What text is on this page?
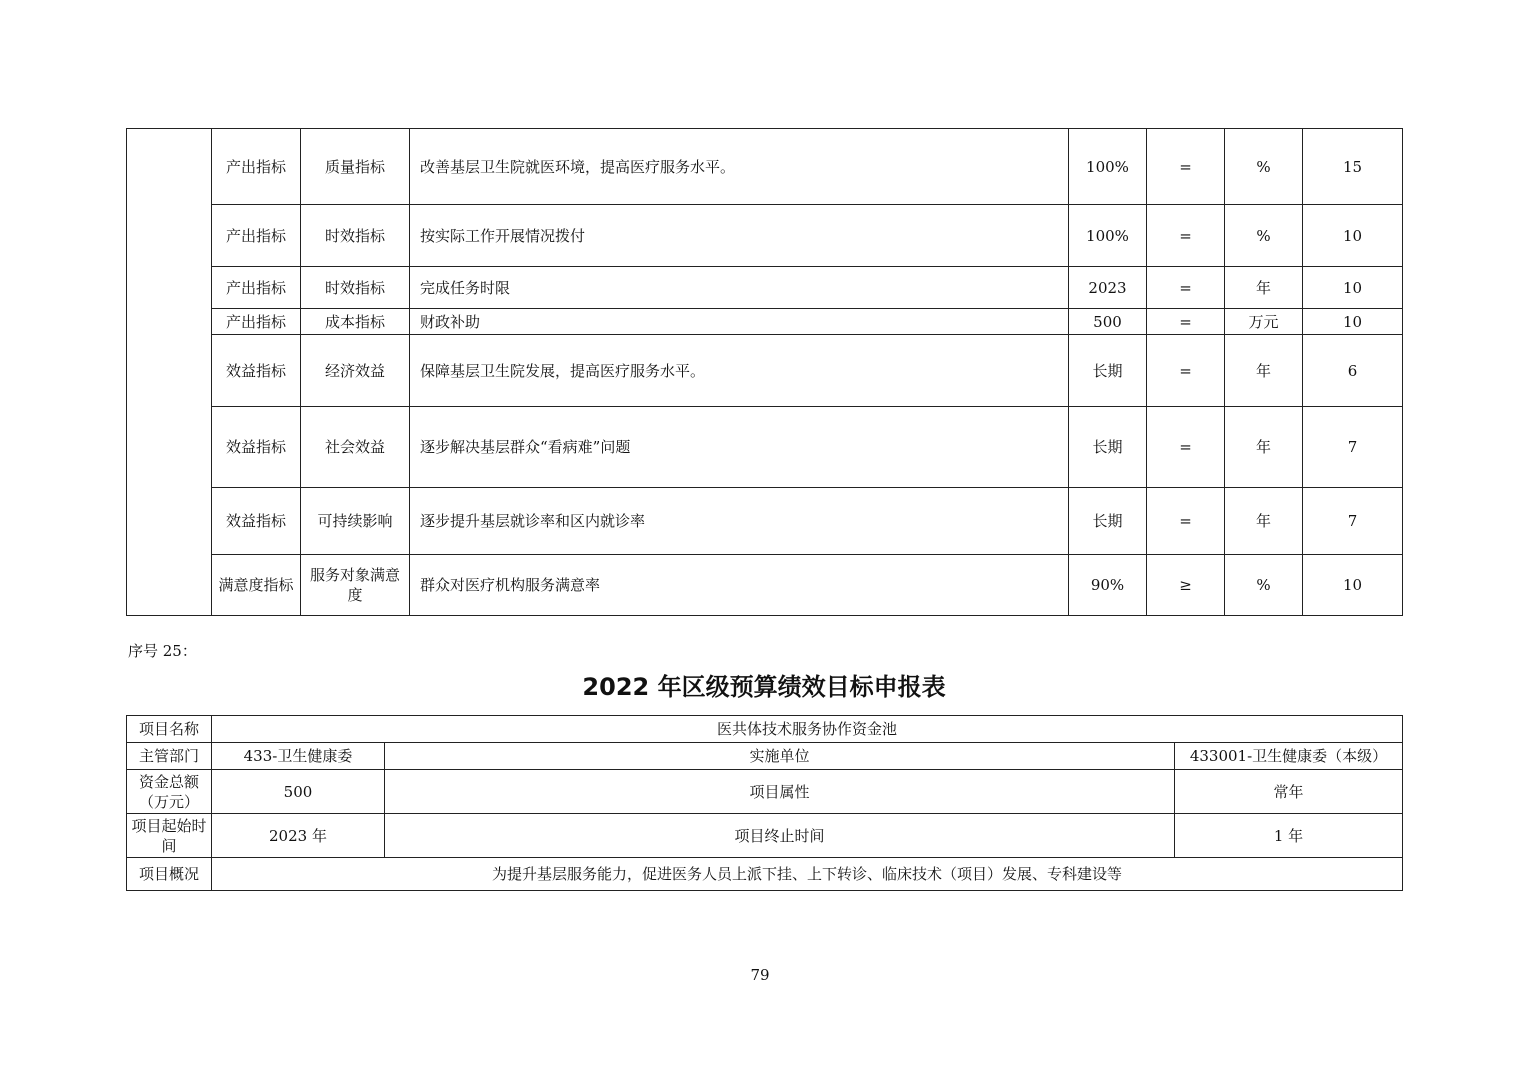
	产出指标	质量指标	改善基层卫生院就医环境，提高医疗服务水平。	100%	=	%	15
	产出指标	时效指标	按实际工作开展情况拨付	100%	=	%	10
	产出指标	时效指标	完成任务时限	2023	=	年	10
	产出指标	成本指标	财政补助	500	=	万元	10
	效益指标	经济效益	保障基层卫生院发展，提高医疗服务水平。	长期	=	年	6
	效益指标	社会效益	逐步解决基层群众“看病难”问题	长期	=	年	7
	效益指标	可持续影响	逐步提升基层就诊率和区内就诊率	长期	=	年	7
	满意度指标	服务对象满意度	群众对医疗机构服务满意率	90%	≥	%	10
序号 25：
2022 年区级预算绩效目标申报表
项目名称	医共体技术服务协作资金池		
主管部门	433-卫生健康委	实施单位	433001-卫生健康委（本级）
资金总额（万元）	500	项目属性	常年
项目起始时间	2023 年	项目终止时间	1 年
项目概况	为提升基层服务能力，促进医务人员上派下挂、上下转诊、临床技术（项目）发展、专科建设等		
79
